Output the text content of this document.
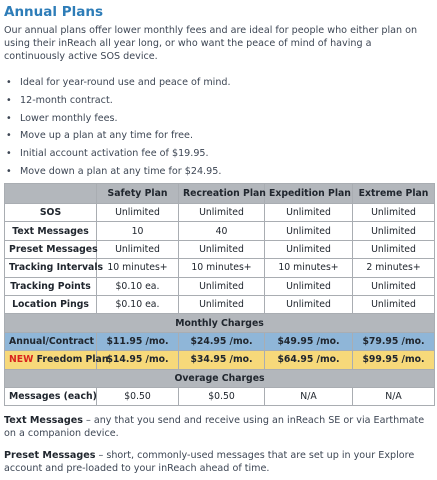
Annual Plans
Our annual plans offer lower monthly fees and are ideal for people who either plan on using their inReach all year long, or who want the peace of mind of having a continuously active SOS device.
• Ideal for year-round use and peace of mind.
• 12-month contract.
• Lower monthly fees.
• Move up a plan at any time for free.
• Initial account activation fee of $19.95.
• Move down a plan at any time for $24.95.
	Safety Plan	Recreation Plan	Expedition Plan	Extreme Plan
SOS	Unlimited	Unlimited	Unlimited	Unlimited
Text Messages	10	40	Unlimited	Unlimited
Preset Messages	Unlimited	Unlimited	Unlimited	Unlimited
Tracking Intervals	10 minutes+	10 minutes+	10 minutes+	2 minutes+
Tracking Points	$0.10 ea.	Unlimited	Unlimited	Unlimited
Location Pings	$0.10 ea.	Unlimited	Unlimited	Unlimited
Monthly Charges				
Annual/Contract	$11.95 /mo.	$24.95 /mo.	$49.95 /mo.	$79.95 /mo.
NEW Freedom Plan	$14.95 /mo.	$34.95 /mo.	$64.95 /mo.	$99.95 /mo.
Overage Charges				
Messages (each)	$0.50	$0.50	N/A	N/A
Text Messages – any that you send and receive using an inReach SE or via Earthmate on a companion device.
Preset Messages – short, commonly-used messages that are set up in your Explore account and pre-loaded to your inReach ahead of time.
